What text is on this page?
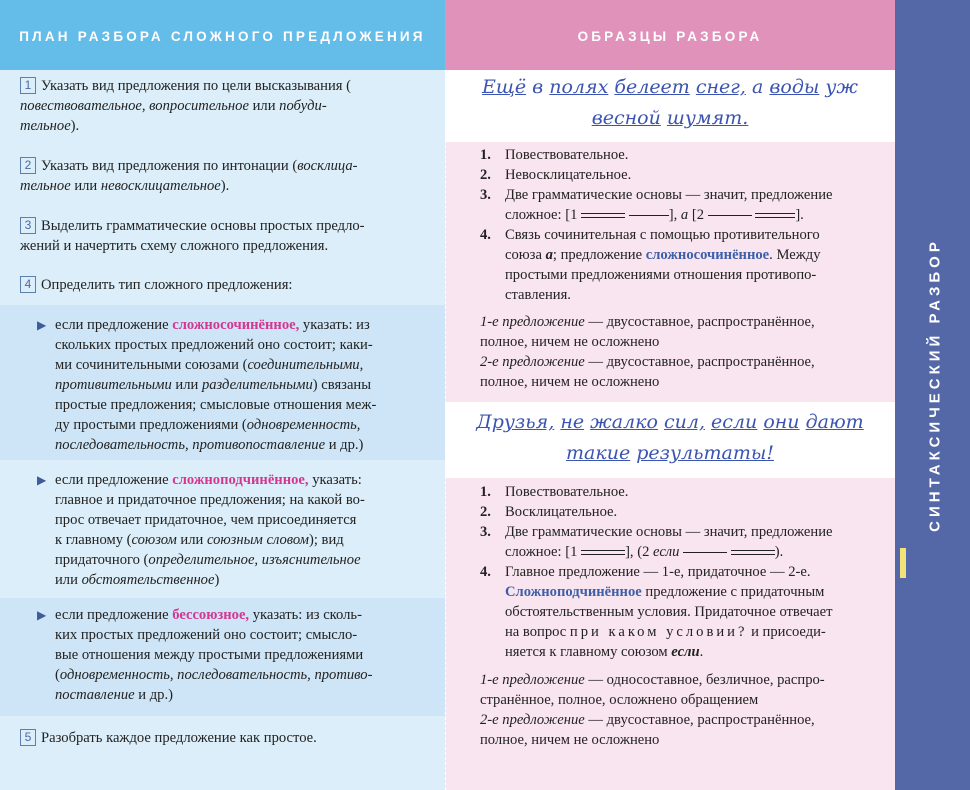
ПЛАН РАЗБОРА СЛОЖНОГО ПРЕДЛОЖЕНИЯ	ОБРАЗЦЫ РАЗБОРА
СИНТАКСИЧЕСКИЙ РАЗБОР
1 Указать вид предложения по цели высказывания (
повествовательное, вопросительное или побуди-
тельное).
2 Указать вид предложения по интонации (восклица-
тельное или невосклицательное).
3 Выделить грамматические основы простых предло-
жений и начертить схему сложного предложения.
4 Определить тип сложного предложения:
▶ если предложение сложносочинённое, указать: из
скольких простых предложений оно состоит; каки-
ми сочинительными союзами (соединительными,
противительными или разделительными) связаны
простые предложения; смысловые отношения меж-
ду простыми предложениями (одновременность,
последовательность, противопоставление и др.)
▶ если предложение сложноподчинённое, указать:
главное и придаточное предложения; на какой во-
прос отвечает придаточное, чем присоединяется
к главному (союзом или союзным словом); вид
придаточного (определительное, изъяснительное
или обстоятельственное)
▶ если предложение бессоюзное, указать: из сколь-
ких простых предложений оно состоит; смысло-
вые отношения между простыми предложениями
(одновременность, последовательность, противо-
поставление и др.)
5 Разобрать каждое предложение как простое.
Ещё в полях белеет снег, а воды уж
весной шумят.
1. Повествовательное.
2. Невосклицательное.
3. Две грамматические основы — значит, предложение
сложное: [1	], а [2	].
4. Связь сочинительная с помощью противительного
союза а; предложение сложносочинённое. Между
простыми предложениями отношения противопо-
ставления.
1-е предложение — двусоставное, распространённое,
полное, ничем не осложнено
2-е предложение — двусоставное, распространённое,
полное, ничем не осложнено
Друзья, не жалко сил, если они дают
такие результаты!
1. Повествовательное.
2. Восклицательное.
3. Две грамматические основы — значит, предложение
сложное: [1	], (2 если	).
4. Главное предложение — 1-е, придаточное — 2-е.
Сложноподчинённое предложение с придаточным
обстоятельственным условия. Придаточное отвечает
на вопрос при каком условии? и присоеди-
няется к главному союзом если.
1-е предложение — односоставное, безличное, распро-
странённое, полное, осложнено обращением
2-е предложение — двусоставное, распространённое,
полное, ничем не осложнено
